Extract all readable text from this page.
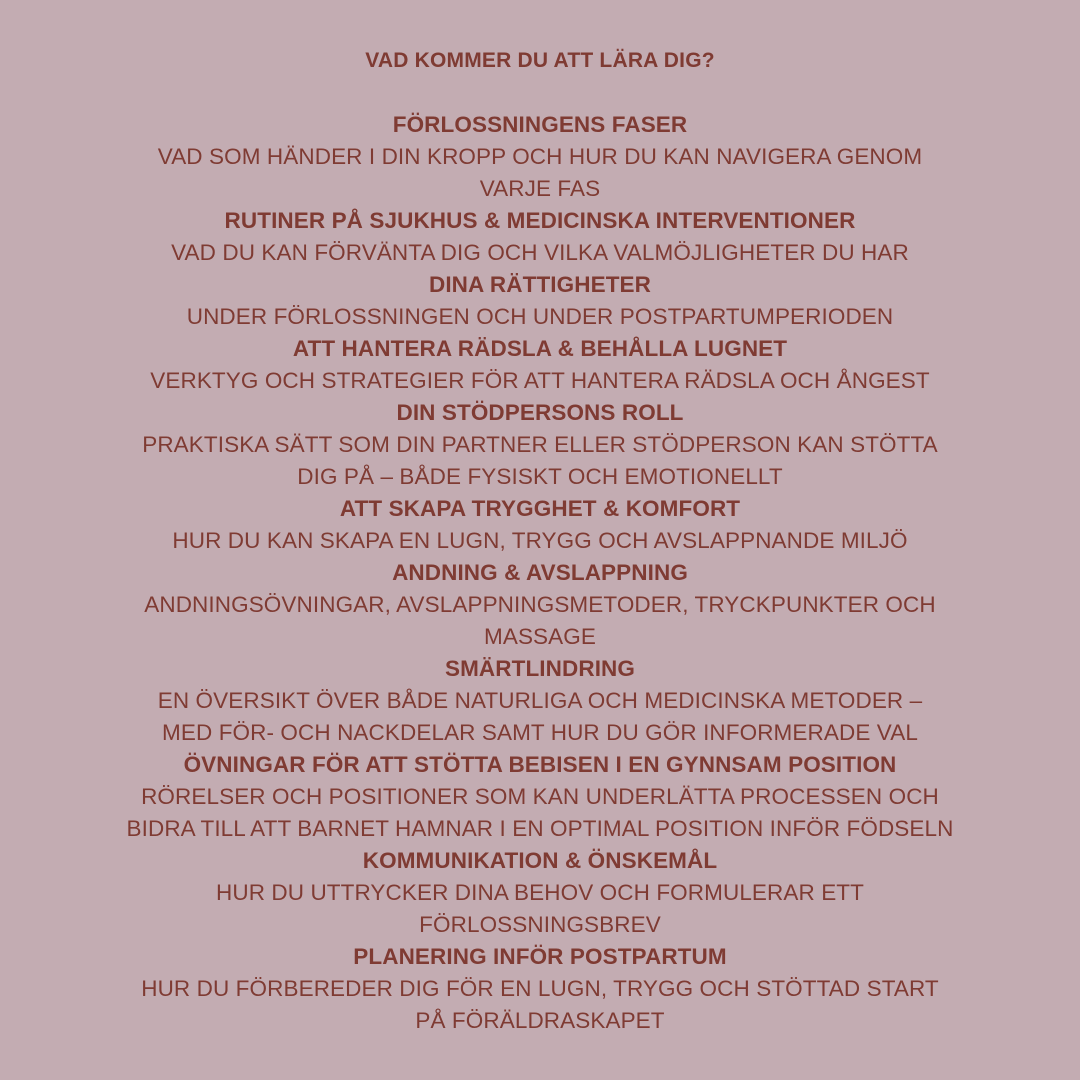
VAD KOMMER DU ATT LÄRA DIG?
FÖRLOSSNINGENS FASER
VAD SOM HÄNDER I DIN KROPP OCH HUR DU KAN NAVIGERA GENOM
VARJE FAS
RUTINER PÅ SJUKHUS & MEDICINSKA INTERVENTIONER
VAD DU KAN FÖRVÄNTA DIG OCH VILKA VALMÖJLIGHETER DU HAR
DINA RÄTTIGHETER
UNDER FÖRLOSSNINGEN OCH UNDER POSTPARTUMPERIODEN
ATT HANTERA RÄDSLA & BEHÅLLA LUGNET
VERKTYG OCH STRATEGIER FÖR ATT HANTERA RÄDSLA OCH ÅNGEST
DIN STÖDPERSONS ROLL
PRAKTISKA SÄTT SOM DIN PARTNER ELLER STÖDPERSON KAN STÖTTA
DIG PÅ – BÅDE FYSISKT OCH EMOTIONELLT
ATT SKAPA TRYGGHET & KOMFORT
HUR DU KAN SKAPA EN LUGN, TRYGG OCH AVSLAPPNANDE MILJÖ
ANDNING & AVSLAPPNING
ANDNINGSÖVNINGAR, AVSLAPPNINGSMETODER, TRYCKPUNKTER OCH
MASSAGE
SMÄRTLINDRING
EN ÖVERSIKT ÖVER BÅDE NATURLIGA OCH MEDICINSKA METODER –
MED FÖR- OCH NACKDELAR SAMT HUR DU GÖR INFORMERADE VAL
ÖVNINGAR FÖR ATT STÖTTA BEBISEN I EN GYNNSAM POSITION
RÖRELSER OCH POSITIONER SOM KAN UNDERLÄTTA PROCESSEN OCH
BIDRA TILL ATT BARNET HAMNAR I EN OPTIMAL POSITION INFÖR FÖDSELN
KOMMUNIKATION & ÖNSKEMÅL
HUR DU UTTRYCKER DINA BEHOV OCH FORMULERAR ETT
FÖRLOSSNINGSBREV
PLANERING INFÖR POSTPARTUM
HUR DU FÖRBEREDER DIG FÖR EN LUGN, TRYGG OCH STÖTTAD START
PÅ FÖRÄLDRASKAPET
